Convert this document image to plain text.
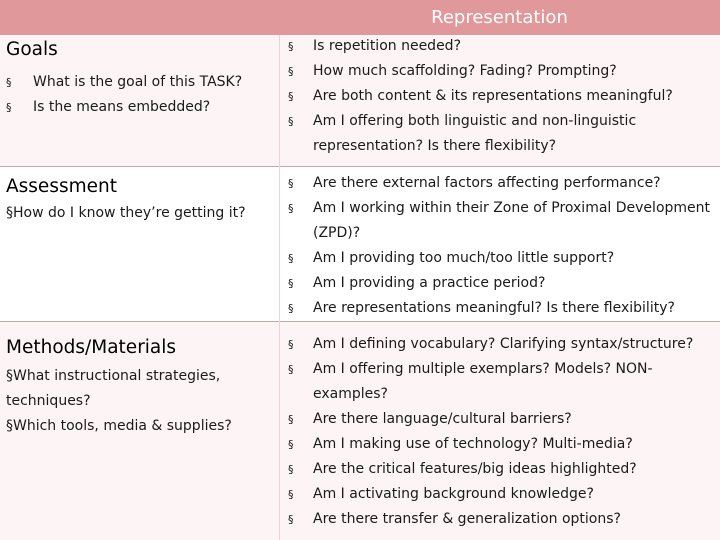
Representation
Goals
§ What is the goal of this TASK?
§ Is the means embedded?
§ Is repetition needed?
§ How much scaffolding? Fading? Prompting?
§ Are both content & its representations meaningful?
§ Am I offering both linguistic and non-linguistic representation? Is there flexibility?
Assessment
§How do I know they’re getting it?
§ Are there external factors affecting performance?
§ Am I working within their Zone of Proximal Development (ZPD)?
§ Am I providing too much/too little support?
§ Am I providing a practice period?
§ Are representations meaningful? Is there flexibility?
Methods/Materials
§What instructional strategies, techniques?
§Which tools, media & supplies?
§ Am I defining vocabulary? Clarifying syntax/structure?
§ Am I offering multiple exemplars? Models? NON-examples?
§ Are there language/cultural barriers?
§ Am I making use of technology? Multi-media?
§ Are the critical features/big ideas highlighted?
§ Am I activating background knowledge?
§ Are there transfer & generalization options?
